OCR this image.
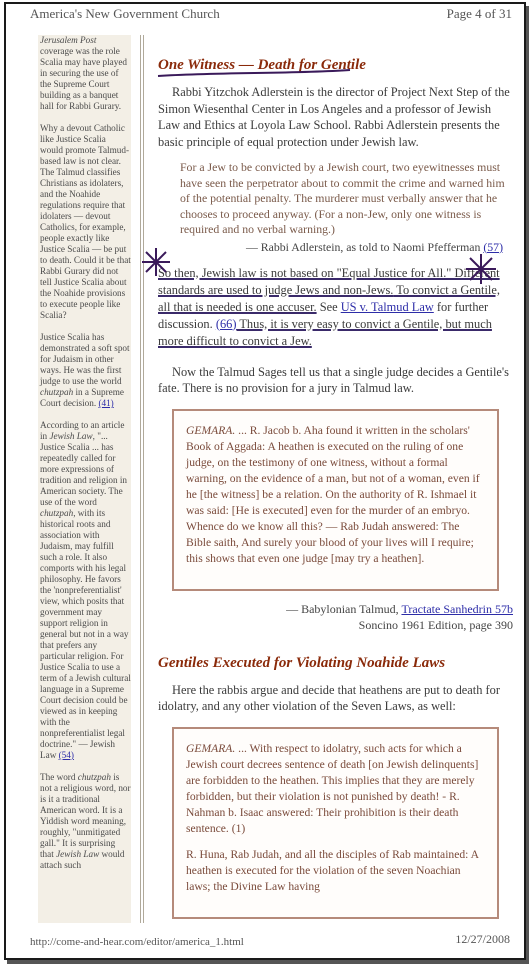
America's New Government Church	Page 4 of 31

Jerusalem Post coverage was the role Scalia may have played in securing the use of the Supreme Court building as a banquet hall for Rabbi Gurary.

Why a devout Catholic like Justice Scalia would promote Talmud-based law is not clear. The Talmud classifies Christians as idolaters, and the Noahide regulations require that idolaters — devout Catholics, for example, people exactly like Justice Scalia — be put to death. Could it be that Rabbi Gurary did not tell Justice Scalia about the Noahide provisions to execute people like Scalia?

Justice Scalia has demonstrated a soft spot for Judaism in other ways. He was the first judge to use the world chutzpah in a Supreme Court decision. (41)

According to an article in Jewish Law, "... Justice Scalia ... has repeatedly called for more expressions of tradition and religion in American society. The use of the word chutzpah, with its historical roots and association with Judaism, may fulfill such a role. It also comports with his legal philosophy. He favors the 'nonpreferentialist' view, which posits that government may support religion in general but not in a way that prefers any particular religion. For Justice Scalia to use a term of a Jewish cultural language in a Supreme Court decision could be viewed as in keeping with the nonpreferentialist legal doctrine." — Jewish Law (54)

The word chutzpah is not a religious word, nor is it a traditional American word. It is a Yiddish word meaning, roughly, "unmitigated gall." It is surprising that Jewish Law would attach such

One Witness — Death for Gentile

Rabbi Yitzchok Adlerstein is the director of Project Next Step of the Simon Wiesenthal Center in Los Angeles and a professor of Jewish Law and Ethics at Loyola Law School. Rabbi Adlerstein presents the basic principle of equal protection under Jewish law.

For a Jew to be convicted by a Jewish court, two eyewitnesses must have seen the perpetrator about to commit the crime and warned him of the potential penalty. The murderer must verbally answer that he chooses to proceed anyway. (For a non-Jew, only one witness is required and no verbal warning.)
— Rabbi Adlerstein, as told to Naomi Pfefferman (57)

So then, Jewish law is not based on "Equal Justice for All." Different standards are used to judge Jews and non-Jews. To convict a Gentile, all that is needed is one accuser. See US v. Talmud Law for further discussion. (66) Thus, it is very easy to convict a Gentile, but much more difficult to convict a Jew.

Now the Talmud Sages tell us that a single judge decides a Gentile's fate. There is no provision for a jury in Talmud law.

GEMARA. ... R. Jacob b. Aha found it written in the scholars' Book of Aggada: A heathen is executed on the ruling of one judge, on the testimony of one witness, without a formal warning, on the evidence of a man, but not of a woman, even if he [the witness] be a relation. On the authority of R. Ishmael it was said: [He is executed] even for the murder of an embryo. Whence do we know all this? — Rab Judah answered: The Bible saith, And surely your blood of your lives will I require; this shows that even one judge [may try a heathen].

— Babylonian Talmud, Tractate Sanhedrin 57b
Soncino 1961 Edition, page 390
Gentiles Executed for Violating Noahide Laws

Here the rabbis argue and decide that heathens are put to death for idolatry, and any other violation of the Seven Laws, as well:

GEMARA. ... With respect to idolatry, such acts for which a Jewish court decrees sentence of death [on Jewish delinquents] are forbidden to the heathen. This implies that they are merely forbidden, but their violation is not punished by death! - R. Nahman b. Isaac answered: Their prohibition is their death sentence. (1)

R. Huna, Rab Judah, and all the disciples of Rab maintained: A heathen is executed for the violation of the seven Noachian laws; the Divine Law having

http://come-and-hear.com/editor/america_1.html	12/27/2008
